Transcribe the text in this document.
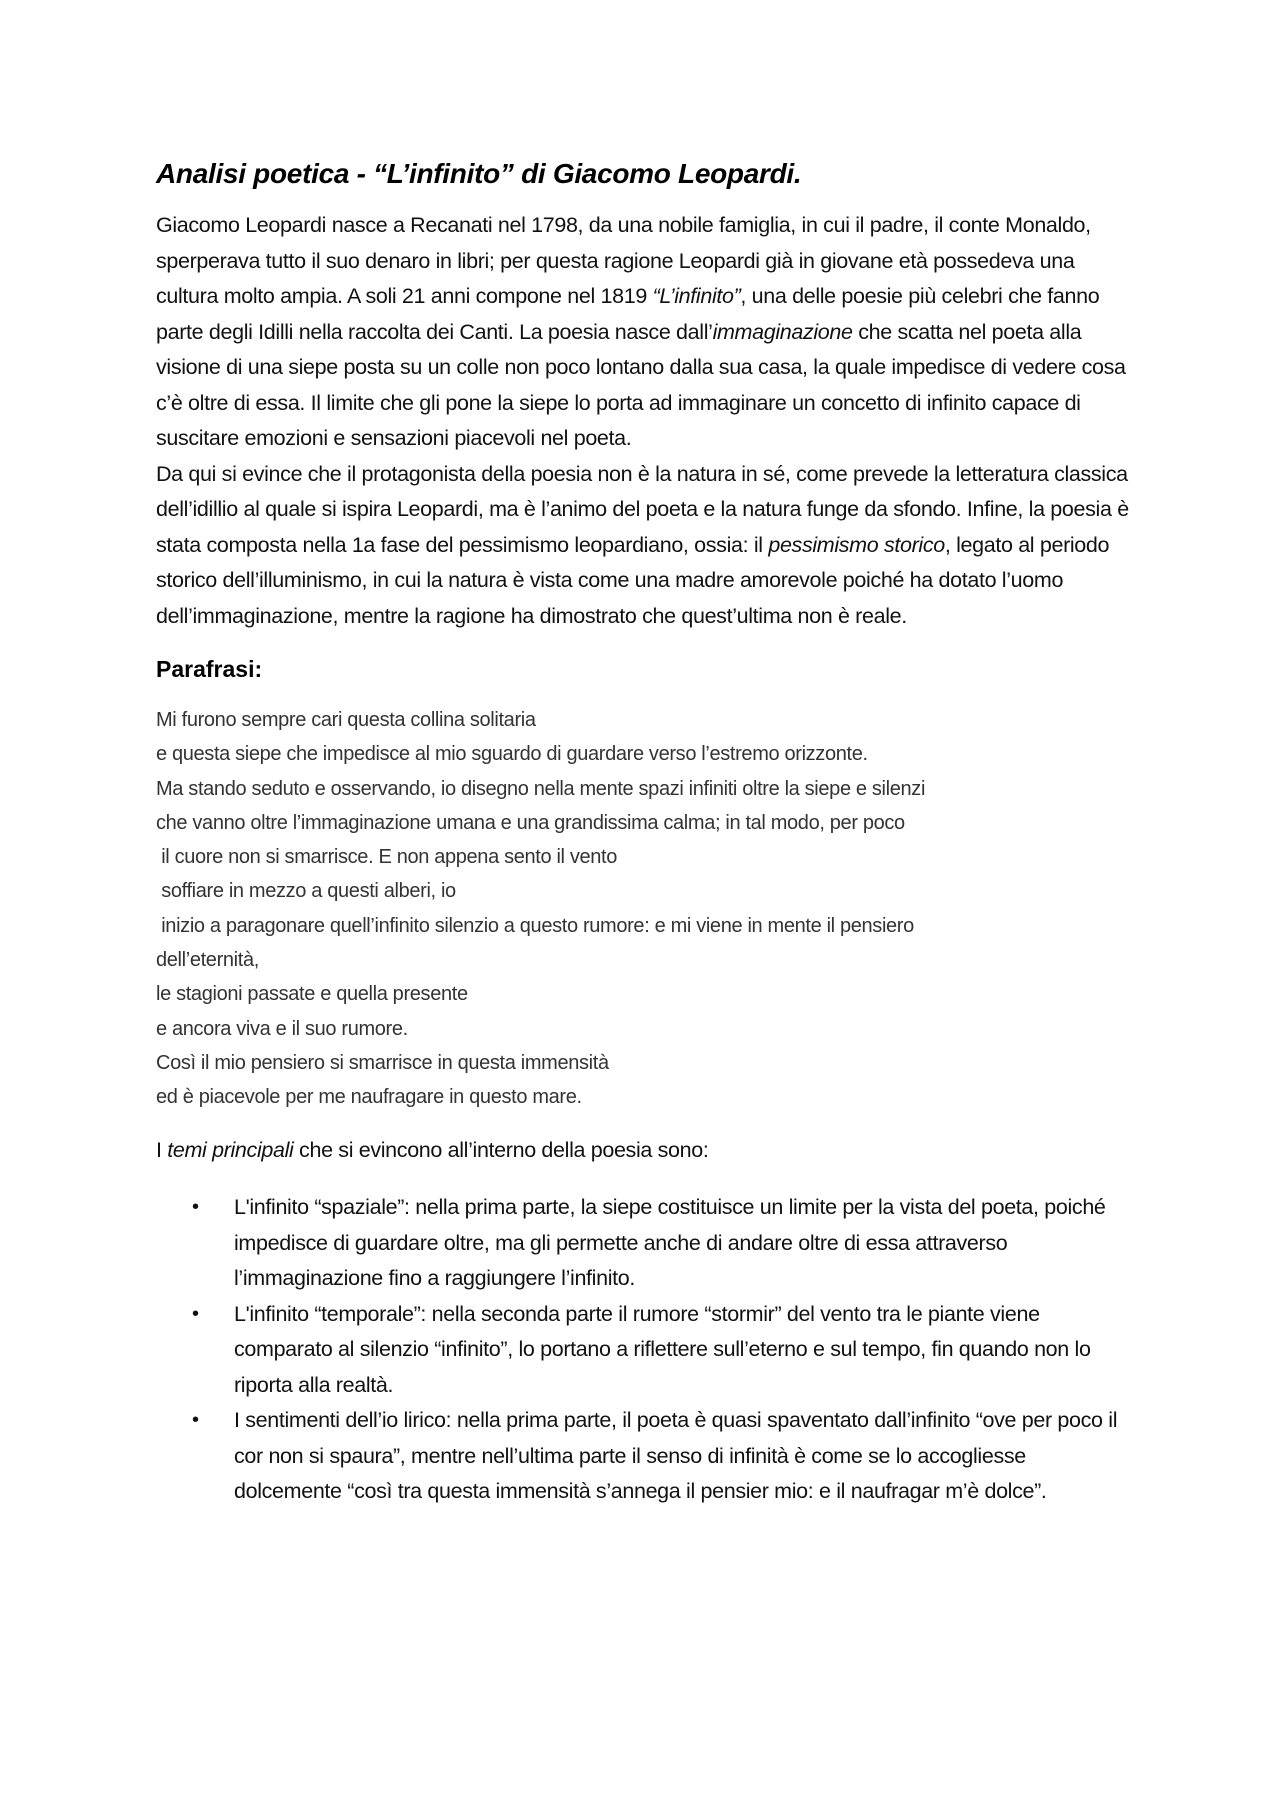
Analisi poetica - “L’infinito” di Giacomo Leopardi.

Giacomo Leopardi nasce a Recanati nel 1798, da una nobile famiglia, in cui il padre, il conte Monaldo, sperperava tutto il suo denaro in libri; per questa ragione Leopardi già in giovane età possedeva una cultura molto ampia. A soli 21 anni compone nel 1819 “L’infinito”, una delle poesie più celebri che fanno parte degli Idilli nella raccolta dei Canti. La poesia nasce dall’immaginazione che scatta nel poeta alla visione di una siepe posta su un colle non poco lontano dalla sua casa, la quale impedisce di vedere cosa c’è oltre di essa. Il limite che gli pone la siepe lo porta ad immaginare un concetto di infinito capace di suscitare emozioni e sensazioni piacevoli nel poeta.

Da qui si evince che il protagonista della poesia non è la natura in sé, come prevede la letteratura classica dell’idillio al quale si ispira Leopardi, ma è l’animo del poeta e la natura funge da sfondo. Infine, la poesia è stata composta nella 1a fase del pessimismo leopardiano, ossia: il pessimismo storico, legato al periodo storico dell’illuminismo, in cui la natura è vista come una madre amorevole poiché ha dotato l’uomo dell’immaginazione, mentre la ragione ha dimostrato che quest’ultima non è reale.

Parafrasi:
Mi furono sempre cari questa collina solitaria
e questa siepe che impedisce al mio sguardo di guardare verso l’estremo orizzonte.
Ma stando seduto e osservando, io disegno nella mente spazi infiniti oltre la siepe e silenzi
che vanno oltre l’immaginazione umana e una grandissima calma; in tal modo, per poco
il cuore non si smarrisce. E non appena sento il vento
soffiare in mezzo a questi alberi, io
inizio a paragonare quell’infinito silenzio a questo rumore: e mi viene in mente il pensiero
dell’eternità,
le stagioni passate e quella presente
e ancora viva e il suo rumore.
Così il mio pensiero si smarrisce in questa immensità
ed è piacevole per me naufragare in questo mare.

I temi principali che si evincono all’interno della poesia sono:

• L'infinito “spaziale”: nella prima parte, la siepe costituisce un limite per la vista del poeta, poiché impedisce di guardare oltre, ma gli permette anche di andare oltre di essa attraverso l’immaginazione fino a raggiungere l’infinito.
• L'infinito “temporale”: nella seconda parte il rumore “stormir” del vento tra le piante viene comparato al silenzio “infinito”, lo portano a riflettere sull’eterno e sul tempo, fin quando non lo riporta alla realtà.
• I sentimenti dell’io lirico: nella prima parte, il poeta è quasi spaventato dall’infinito “ove per poco il cor non si spaura”, mentre nell’ultima parte il senso di infinità è come se lo accogliesse dolcemente “così tra questa immensità s’annega il pensier mio: e il naufragar m’è dolce”.
